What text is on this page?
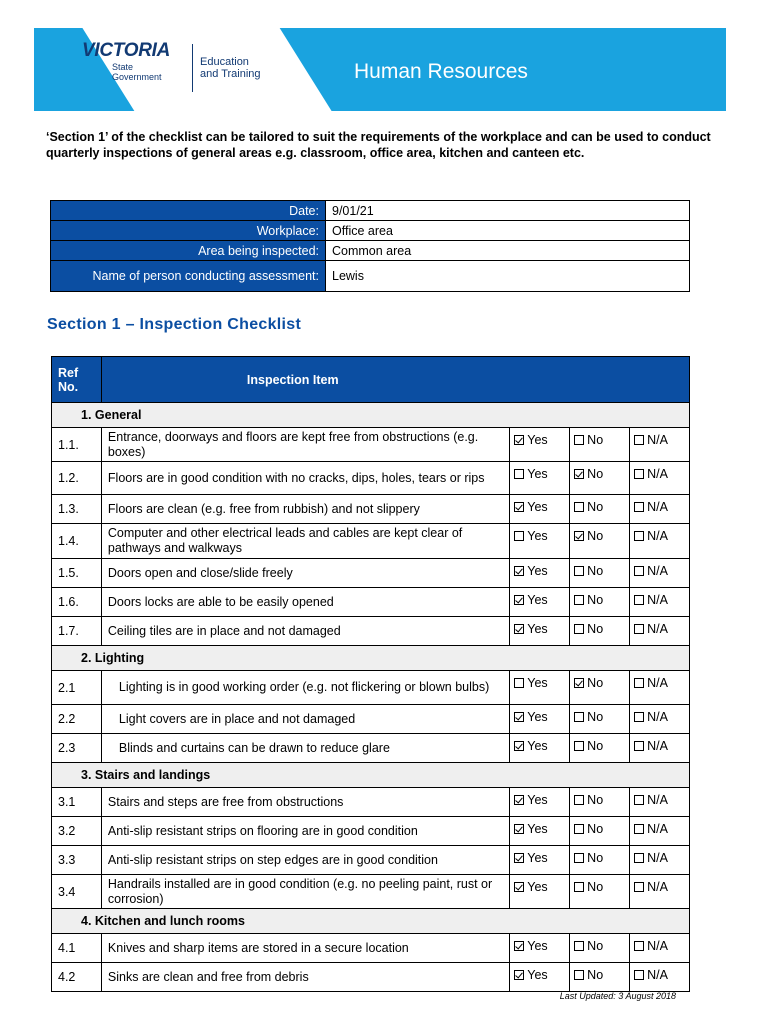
VICTORIA
State
Government
Education
and Training	Human Resources

‘Section 1’ of the checklist can be tailored to suit the requirements of the workplace and can be used to conduct quarterly inspections of general areas e.g. classroom, office area, kitchen and canteen etc.

Date:	9/01/21
Workplace:	Office area
Area being inspected:	Common area
Name of person conducting assessment:	Lewis
Section 1 – Inspection Checklist
Ref No.	Inspection Item			
1. General				
1.1.	Entrance, doorways and floors are kept free from obstructions (e.g. boxes)	Yes	No	N/A
1.2.	Floors are in good condition with no cracks, dips, holes, tears or rips	Yes	No	N/A
1.3.	Floors are clean (e.g. free from rubbish) and not slippery	Yes	No	N/A
1.4.	Computer and other electrical leads and cables are kept clear of pathways and walkways	Yes	No	N/A
1.5.	Doors open and close/slide freely	Yes	No	N/A
1.6.	Doors locks are able to be easily opened	Yes	No	N/A
1.7.	Ceiling tiles are in place and not damaged	Yes	No	N/A
2. Lighting				
2.1	Lighting is in good working order (e.g. not flickering or blown bulbs)	Yes	No	N/A
2.2	Light covers are in place and not damaged	Yes	No	N/A
2.3	Blinds and curtains can be drawn to reduce glare	Yes	No	N/A
3. Stairs and landings				
3.1	Stairs and steps are free from obstructions	Yes	No	N/A
3.2	Anti-slip resistant strips on flooring are in good condition	Yes	No	N/A
3.3	Anti-slip resistant strips on step edges are in good condition	Yes	No	N/A
3.4	Handrails installed are in good condition (e.g. no peeling paint, rust or corrosion)	Yes	No	N/A
4. Kitchen and lunch rooms				
4.1	Knives and sharp items are stored in a secure location	Yes	No	N/A
4.2	Sinks are clean and free from debris	Yes	No	N/A
Last Updated: 3 August 2018
